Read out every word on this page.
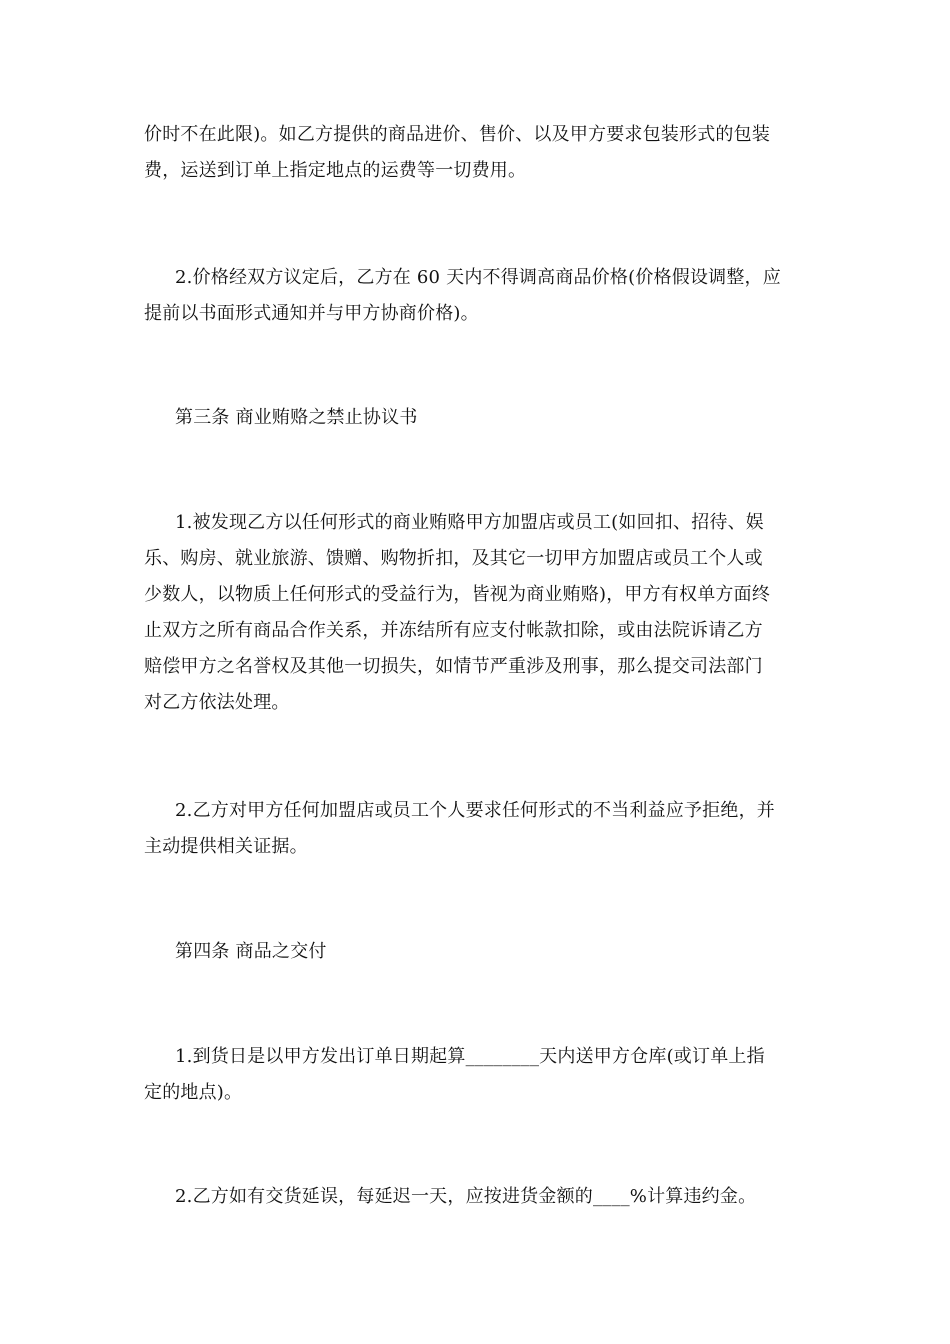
价时不在此限)。如乙方提供的商品进价、售价、以及甲方要求包装形式的包装
费，运送到订单上指定地点的运费等一切费用。
2.价格经双方议定后，乙方在 60 天内不得调高商品价格(价格假设调整，应
提前以书面形式通知并与甲方协商价格)。
第三条 商业贿赂之禁止协议书
1.被发现乙方以任何形式的商业贿赂甲方加盟店或员工(如回扣、招待、娱
乐、购房、就业旅游、馈赠、购物折扣，及其它一切甲方加盟店或员工个人或
少数人，以物质上任何形式的受益行为，皆视为商业贿赂)，甲方有权单方面终
止双方之所有商品合作关系，并冻结所有应支付帐款扣除，或由法院诉请乙方
赔偿甲方之名誉权及其他一切损失，如情节严重涉及刑事，那么提交司法部门
对乙方依法处理。
2.乙方对甲方任何加盟店或员工个人要求任何形式的不当利益应予拒绝，并
主动提供相关证据。
第四条 商品之交付
1.到货日是以甲方发出订单日期起算________天内送甲方仓库(或订单上指
定的地点)。
2.乙方如有交货延误，每延迟一天，应按进货金额的____%计算违约金。
